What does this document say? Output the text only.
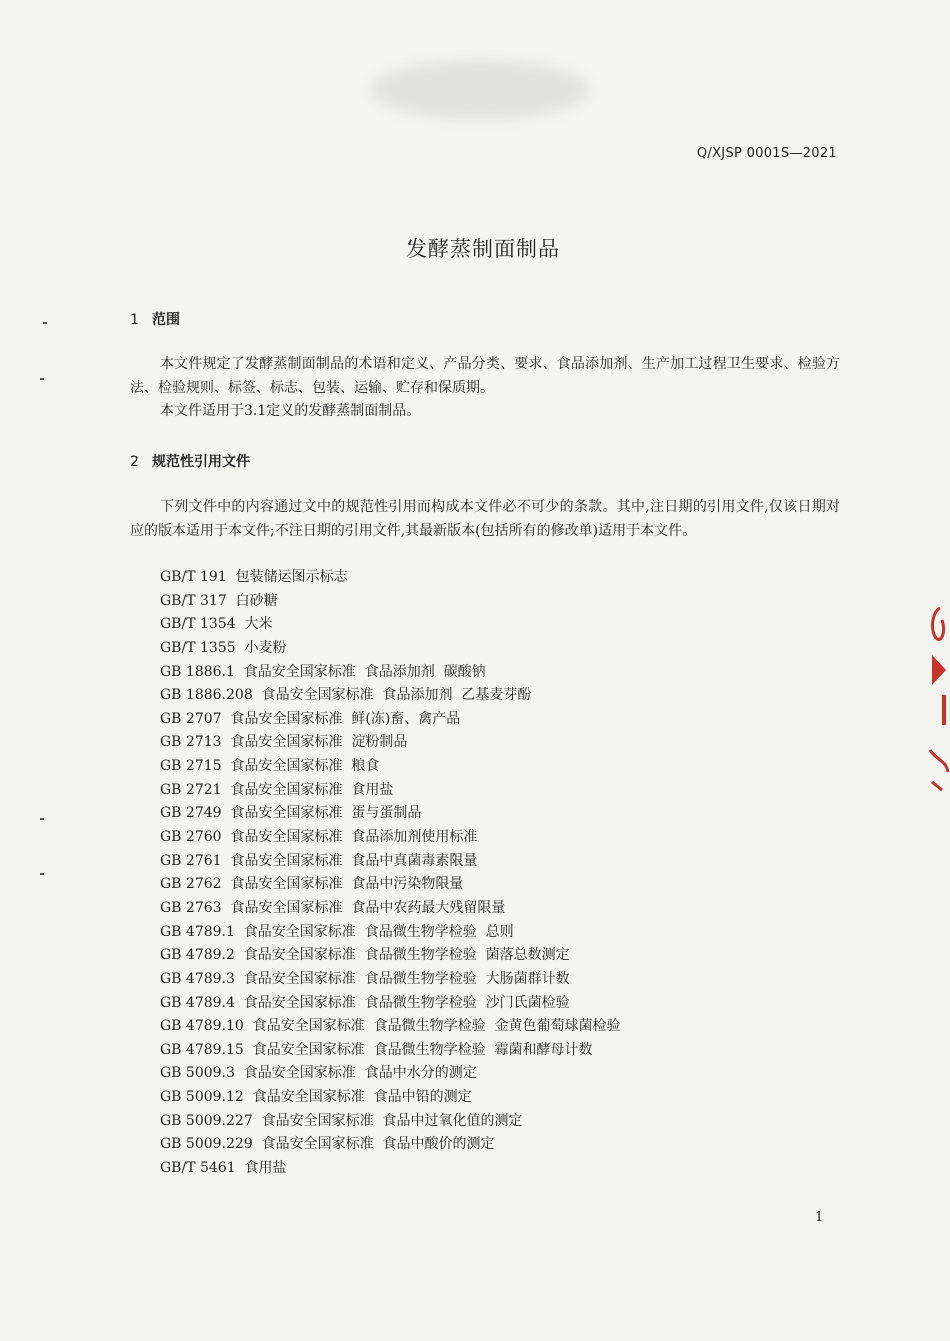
Q/XJSP 0001S—2021
发酵蒸制面制品
1 范围
本文件规定了发酵蒸制面制品的术语和定义、产品分类、要求、食品添加剂、生产加工过程卫生要求、检验方法、检验规则、标签、标志、包装、运输、贮存和保质期。
本文件适用于3.1定义的发酵蒸制面制品。
2 规范性引用文件
下列文件中的内容通过文中的规范性引用而构成本文件必不可少的条款。其中,注日期的引用文件,仅该日期对应的版本适用于本文件;不注日期的引用文件,其最新版本(包括所有的修改单)适用于本文件。
GB/T 191  包装储运图示标志
GB/T 317  白砂糖
GB/T 1354  大米
GB/T 1355  小麦粉
GB 1886.1  食品安全国家标准  食品添加剂  碳酸钠
GB 1886.208  食品安全国家标准  食品添加剂  乙基麦芽酚
GB 2707  食品安全国家标准  鲜(冻)畜、禽产品
GB 2713  食品安全国家标准  淀粉制品
GB 2715  食品安全国家标准  粮食
GB 2721  食品安全国家标准  食用盐
GB 2749  食品安全国家标准  蛋与蛋制品
GB 2760  食品安全国家标准  食品添加剂使用标准
GB 2761  食品安全国家标准  食品中真菌毒素限量
GB 2762  食品安全国家标准  食品中污染物限量
GB 2763  食品安全国家标准  食品中农药最大残留限量
GB 4789.1  食品安全国家标准  食品微生物学检验  总则
GB 4789.2  食品安全国家标准  食品微生物学检验  菌落总数测定
GB 4789.3  食品安全国家标准  食品微生物学检验  大肠菌群计数
GB 4789.4  食品安全国家标准  食品微生物学检验  沙门氏菌检验
GB 4789.10  食品安全国家标准  食品微生物学检验  金黄色葡萄球菌检验
GB 4789.15  食品安全国家标准  食品微生物学检验  霉菌和酵母计数
GB 5009.3  食品安全国家标准  食品中水分的测定
GB 5009.12  食品安全国家标准  食品中铅的测定
GB 5009.227  食品安全国家标准  食品中过氧化值的测定
GB 5009.229  食品安全国家标准  食品中酸价的测定
GB/T 5461  食用盐
1
